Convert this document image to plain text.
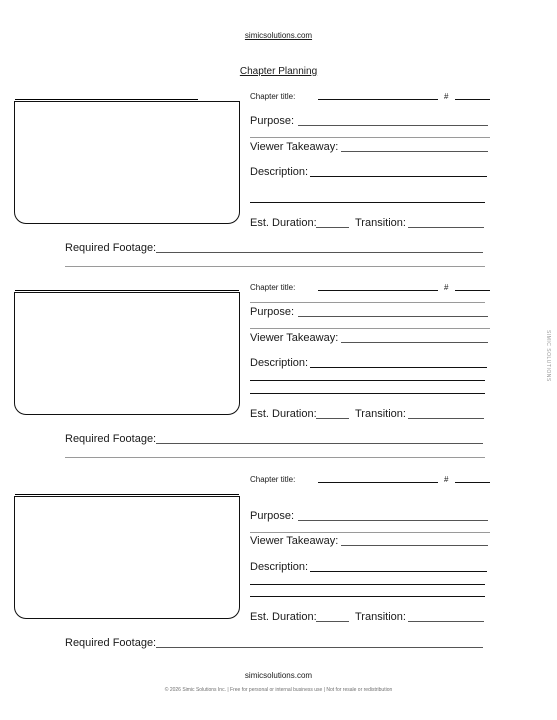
simicsolutions.com
Chapter Planning
SIMIC SOLUTIONS
Chapter title:	#
Purpose:
Viewer Takeaway:
Description:
Est. Duration:	Transition:
Required Footage:
Chapter title:	#
Purpose:
Viewer Takeaway:
Description:
Est. Duration:	Transition:
Required Footage:
Chapter title:	#
Purpose:
Viewer Takeaway:
Description:
Est. Duration:	Transition:
Required Footage:
simicsolutions.com
© 2026 Simic Solutions Inc. | Free for personal or internal business use | Not for resale or redistribution
